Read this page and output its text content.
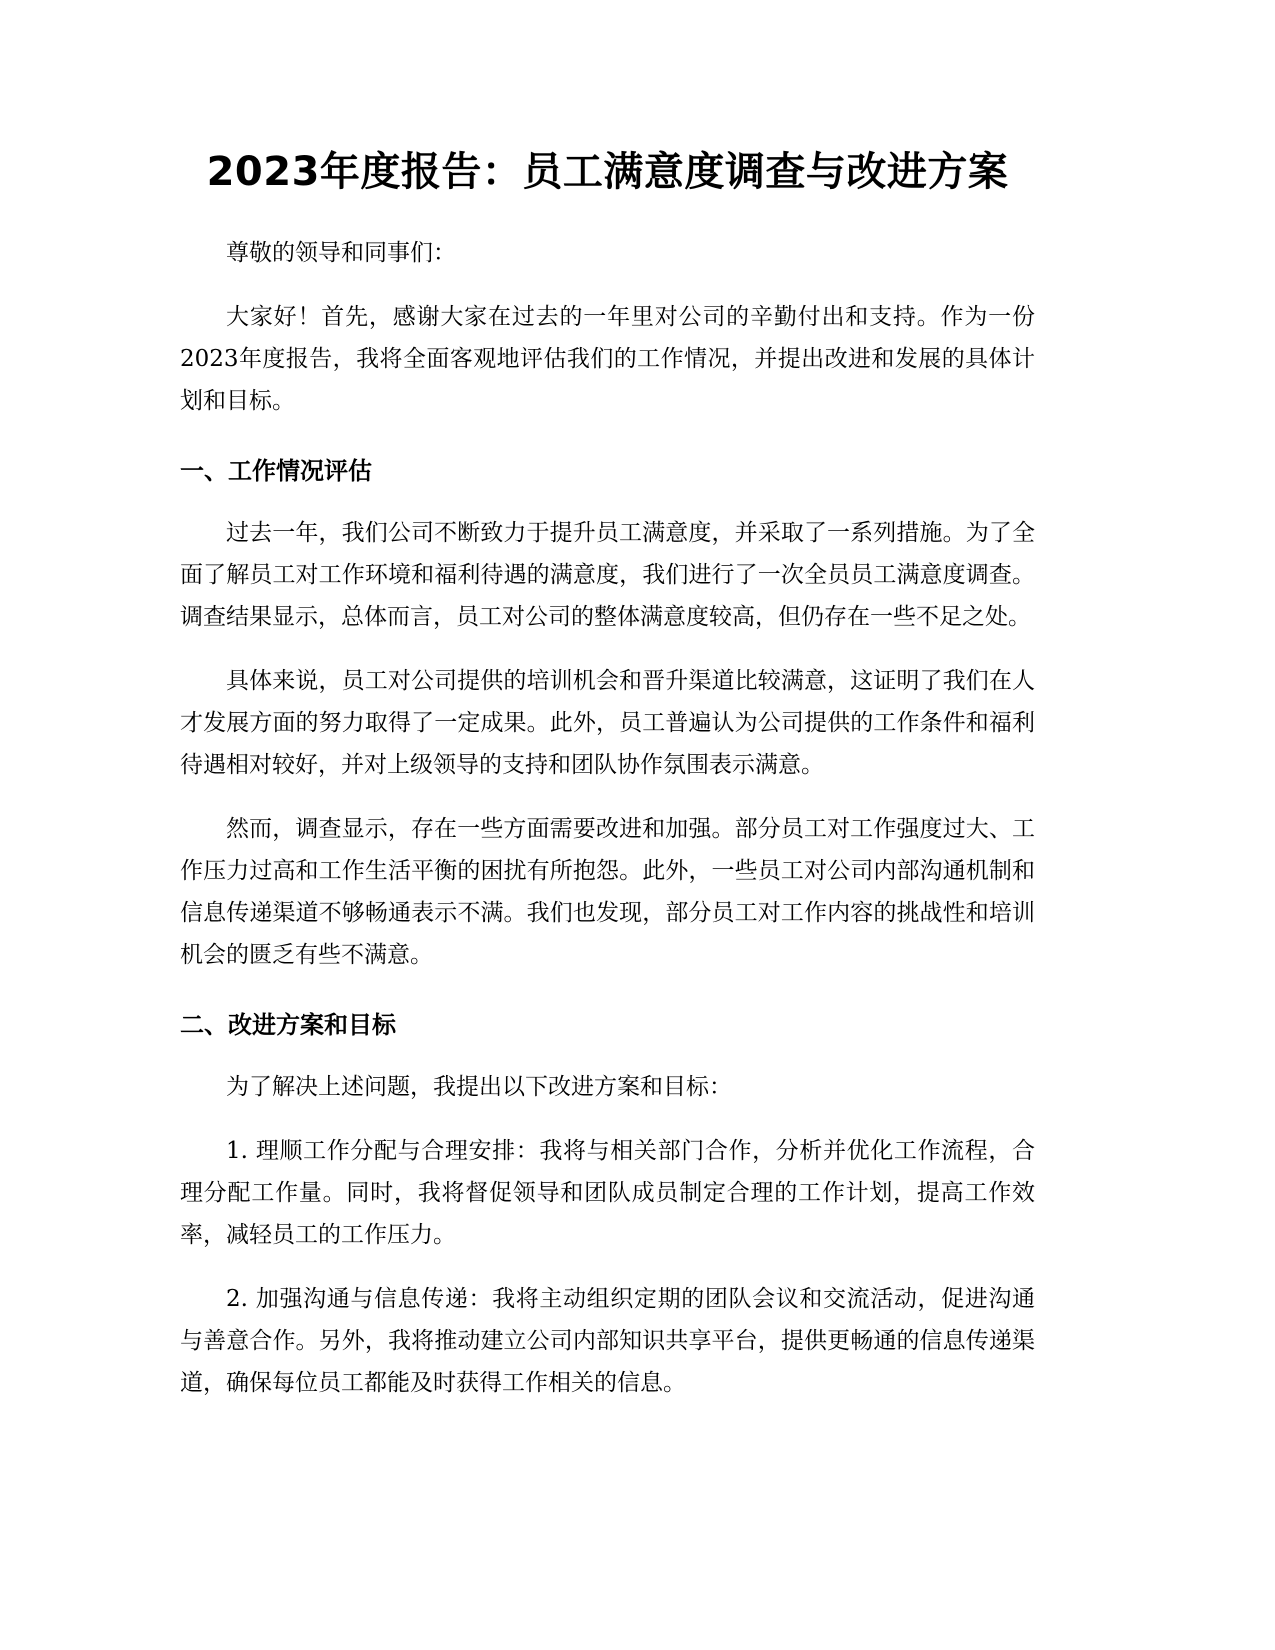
2023年度报告：员工满意度调查与改进方案

尊敬的领导和同事们：

大家好！首先，感谢大家在过去的一年里对公司的辛勤付出和支持。作为一份2023年度报告，我将全面客观地评估我们的工作情况，并提出改进和发展的具体计划和目标。

一、工作情况评估

过去一年，我们公司不断致力于提升员工满意度，并采取了一系列措施。为了全面了解员工对工作环境和福利待遇的满意度，我们进行了一次全员员工满意度调查。调查结果显示，总体而言，员工对公司的整体满意度较高，但仍存在一些不足之处。

具体来说，员工对公司提供的培训机会和晋升渠道比较满意，这证明了我们在人才发展方面的努力取得了一定成果。此外，员工普遍认为公司提供的工作条件和福利待遇相对较好，并对上级领导的支持和团队协作氛围表示满意。

然而，调查显示，存在一些方面需要改进和加强。部分员工对工作强度过大、工作压力过高和工作生活平衡的困扰有所抱怨。此外，一些员工对公司内部沟通机制和信息传递渠道不够畅通表示不满。我们也发现，部分员工对工作内容的挑战性和培训机会的匮乏有些不满意。

二、改进方案和目标

为了解决上述问题，我提出以下改进方案和目标：

1. 理顺工作分配与合理安排：我将与相关部门合作，分析并优化工作流程，合理分配工作量。同时，我将督促领导和团队成员制定合理的工作计划，提高工作效率，减轻员工的工作压力。

2. 加强沟通与信息传递：我将主动组织定期的团队会议和交流活动，促进沟通与善意合作。另外，我将推动建立公司内部知识共享平台，提供更畅通的信息传递渠道，确保每位员工都能及时获得工作相关的信息。
